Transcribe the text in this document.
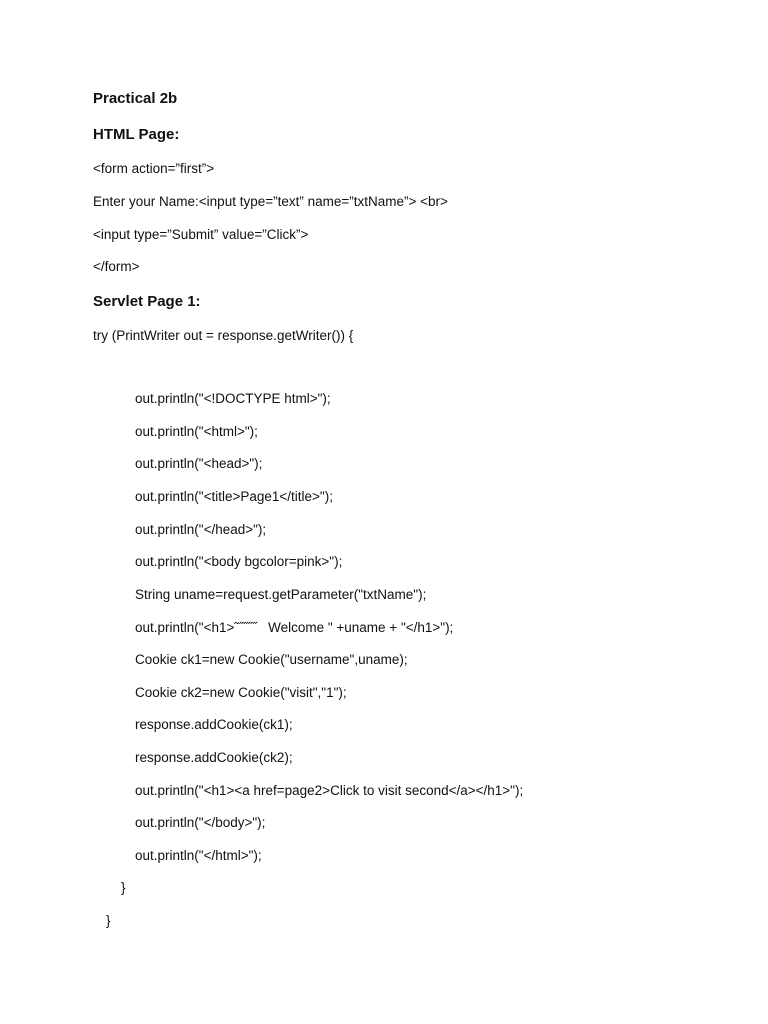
Practical 2b
HTML Page:
<form action=”first”>
Enter your Name:<input type=”text” name=”txtName”> <br>
<input type=”Submit” value=”Click”>
</form>
Servlet Page 1:
try (PrintWriter out = response.getWriter()) {
out.println("<!DOCTYPE html>");
out.println("<html>");
out.println("<head>");
out.println("<title>Page1</title>");
out.println("</head>");
out.println("<body bgcolor=pink>");
String uname=request.getParameter("txtName");
out.println("<h1>˜˝˝˝˝   Welcome " +uname + "</h1>");
Cookie ck1=new Cookie("username",uname);
Cookie ck2=new Cookie("visit","1");
response.addCookie(ck1);
response.addCookie(ck2);
out.println("<h1><a href=page2>Click to visit second</a></h1>");
out.println("</body>");
out.println("</html>");
}
}
